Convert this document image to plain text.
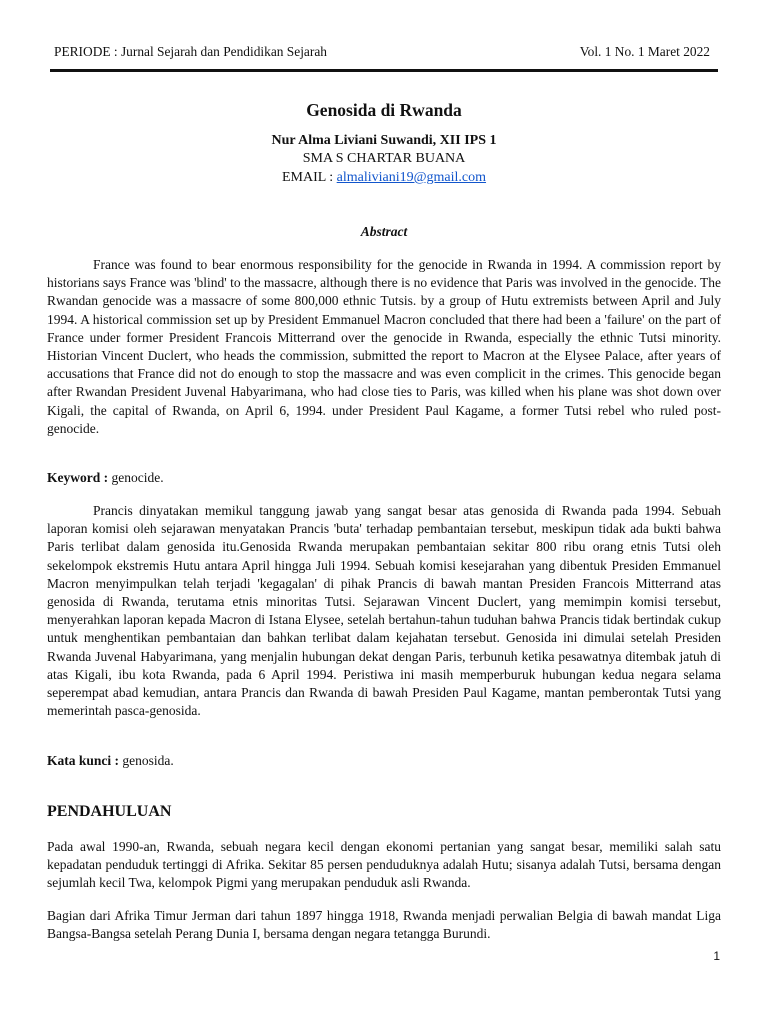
PERIODE : Jurnal Sejarah dan Pendidikan Sejarah	Vol. 1 No. 1 Maret 2022
Genosida di Rwanda
Nur Alma Liviani Suwandi, XII IPS 1
SMA S CHARTAR BUANA
EMAIL : almaliviani19@gmail.com
Abstract

France was found to bear enormous responsibility for the genocide in Rwanda in 1994. A commission report by historians says France was 'blind' to the massacre, although there is no evidence that Paris was involved in the genocide. The Rwandan genocide was a massacre of some 800,000 ethnic Tutsis. by a group of Hutu extremists between April and July 1994. A historical commission set up by President Emmanuel Macron concluded that there had been a 'failure' on the part of France under former President Francois Mitterrand over the genocide in Rwanda, especially the ethnic Tutsi minority. Historian Vincent Duclert, who heads the commission, submitted the report to Macron at the Elysee Palace, after years of accusations that France did not do enough to stop the massacre and was even complicit in the crimes. This genocide began after Rwandan President Juvenal Habyarimana, who had close ties to Paris, was killed when his plane was shot down over Kigali, the capital of Rwanda, on April 6, 1994. under President Paul Kagame, a former Tutsi rebel who ruled post-genocide.

Keyword : genocide.

Prancis dinyatakan memikul tanggung jawab yang sangat besar atas genosida di Rwanda pada 1994. Sebuah laporan komisi oleh sejarawan menyatakan Prancis 'buta' terhadap pembantaian tersebut, meskipun tidak ada bukti bahwa Paris terlibat dalam genosida itu.Genosida Rwanda merupakan pembantaian sekitar 800 ribu orang etnis Tutsi oleh sekelompok ekstremis Hutu antara April hingga Juli 1994. Sebuah komisi kesejarahan yang dibentuk Presiden Emmanuel Macron menyimpulkan telah terjadi 'kegagalan' di pihak Prancis di bawah mantan Presiden Francois Mitterrand atas genosida di Rwanda, terutama etnis minoritas Tutsi. Sejarawan Vincent Duclert, yang memimpin komisi tersebut, menyerahkan laporan kepada Macron di Istana Elysee, setelah bertahun-tahun tuduhan bahwa Prancis tidak bertindak cukup untuk menghentikan pembantaian dan bahkan terlibat dalam kejahatan tersebut. Genosida ini dimulai setelah Presiden Rwanda Juvenal Habyarimana, yang menjalin hubungan dekat dengan Paris, terbunuh ketika pesawatnya ditembak jatuh di atas Kigali, ibu kota Rwanda, pada 6 April 1994. Peristiwa ini masih memperburuk hubungan kedua negara selama seperempat abad kemudian, antara Prancis dan Rwanda di bawah Presiden Paul Kagame, mantan pemberontak Tutsi yang memerintah pasca-genosida.

Kata kunci : genosida.
PENDAHULUAN

Pada awal 1990-an, Rwanda, sebuah negara kecil dengan ekonomi pertanian yang sangat besar, memiliki salah satu kepadatan penduduk tertinggi di Afrika. Sekitar 85 persen penduduknya adalah Hutu; sisanya adalah Tutsi, bersama dengan sejumlah kecil Twa, kelompok Pigmi yang merupakan penduduk asli Rwanda.

Bagian dari Afrika Timur Jerman dari tahun 1897 hingga 1918, Rwanda menjadi perwalian Belgia di bawah mandat Liga Bangsa-Bangsa setelah Perang Dunia I, bersama dengan negara tetangga Burundi.

1
